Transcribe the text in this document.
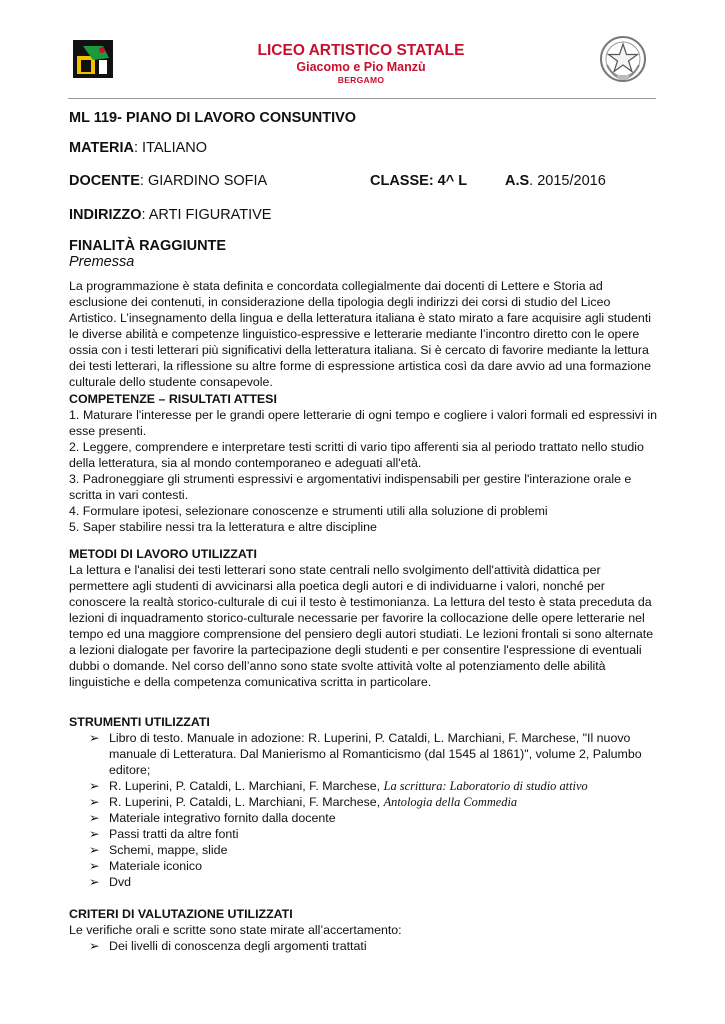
LICEO ARTISTICO STATALE
Giacomo e Pio Manzù
BERGAMO
ML 119- PIANO DI LAVORO CONSUNTIVO
MATERIA: ITALIANO
DOCENTE: GIARDINO SOFIA	CLASSE: 4^ L	A.S. 2015/2016
INDIRIZZO: ARTI FIGURATIVE
FINALITÀ RAGGIUNTE
Premessa

La programmazione è stata definita e concordata collegialmente dai docenti di Lettere e Storia ad esclusione dei contenuti, in considerazione della tipologia degli indirizzi dei corsi di studio del Liceo Artistico. L’insegnamento della lingua e della letteratura italiana è stato mirato a fare acquisire agli studenti le diverse abilità e competenze linguistico-espressive e letterarie mediante l’incontro diretto con le opere ossia con i testi letterari più significativi della letteratura italiana. Si è cercato di favorire mediante la lettura dei testi letterari, la riflessione su altre forme di espressione artistica così da dare avvio ad una formazione culturale dello studente consapevole.

COMPETENZE – RISULTATI ATTESI

1. Maturare l'interesse per le grandi opere letterarie di ogni tempo e cogliere i valori formali ed espressivi in esse presenti.

2. Leggere, comprendere e interpretare testi scritti di vario tipo afferenti sia al periodo trattato nello studio della letteratura, sia al mondo contemporaneo e adeguati all'età.

3. Padroneggiare gli strumenti espressivi e argomentativi indispensabili per gestire l'interazione orale e scritta in vari contesti.

4. Formulare ipotesi, selezionare conoscenze e strumenti utili alla soluzione di problemi

5. Saper stabilire nessi tra la letteratura e altre discipline

METODI DI LAVORO UTILIZZATI

La lettura e l'analisi dei testi letterari sono state centrali nello svolgimento dell'attività didattica per permettere agli studenti di avvicinarsi alla poetica degli autori e di individuarne i valori, nonché per conoscere la realtà storico-culturale di cui il testo è testimonianza. La lettura del testo è stata preceduta da lezioni di inquadramento storico-culturale necessarie per favorire la collocazione delle opere letterarie nel tempo ed una maggiore comprensione del pensiero degli autori studiati. Le lezioni frontali si sono alternate a lezioni dialogate per favorire la partecipazione degli studenti e per consentire l'espressione di eventuali dubbi o domande. Nel corso dell’anno sono state svolte attività volte al potenziamento delle abilità linguistiche e della competenza comunicativa scritta in particolare.

STRUMENTI UTILIZZATI

➢ Libro di testo. Manuale in adozione: R. Luperini, P. Cataldi, L. Marchiani, F. Marchese, "Il nuovo manuale di Letteratura. Dal Manierismo al Romanticismo (dal 1545 al 1861)", volume 2, Palumbo editore;
➢ R. Luperini, P. Cataldi, L. Marchiani, F. Marchese, La scrittura: Laboratorio di studio attivo
➢ R. Luperini, P. Cataldi, L. Marchiani, F. Marchese, Antologia della Commedia
➢ Materiale integrativo fornito dalla docente
➢ Passi tratti da altre fonti
➢ Schemi, mappe, slide
➢ Materiale iconico
➢ Dvd

CRITERI DI VALUTAZIONE UTILIZZATI

Le verifiche orali e scritte sono state mirate all’accertamento:

➢ Dei livelli di conoscenza degli argomenti trattati
